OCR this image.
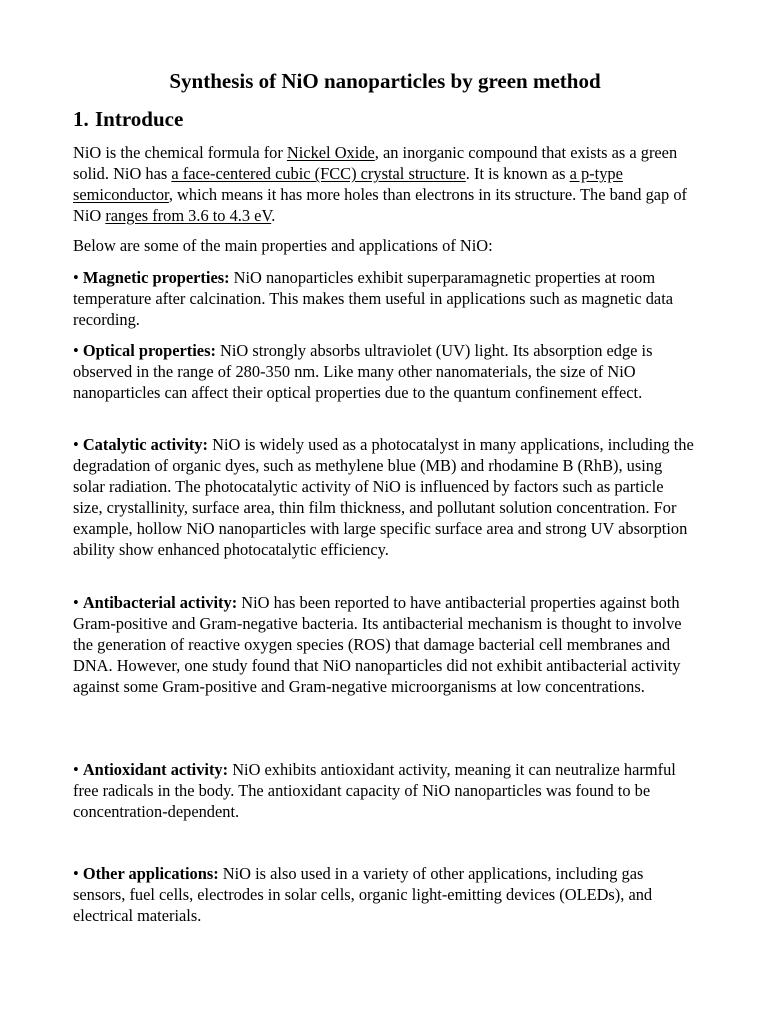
Synthesis of NiO nanoparticles by green method
1. Introduce

NiO is the chemical formula for Nickel Oxide, an inorganic compound that exists as a green solid. NiO has a face-centered cubic (FCC) crystal structure. It is known as a p-type semiconductor, which means it has more holes than electrons in its structure. The band gap of NiO ranges from 3.6 to 4.3 eV.

Below are some of the main properties and applications of NiO:

• Magnetic properties: NiO nanoparticles exhibit superparamagnetic properties at room temperature after calcination. This makes them useful in applications such as magnetic data recording.

• Optical properties: NiO strongly absorbs ultraviolet (UV) light. Its absorption edge is observed in the range of 280-350 nm. Like many other nanomaterials, the size of NiO nanoparticles can affect their optical properties due to the quantum confinement effect.

• Catalytic activity: NiO is widely used as a photocatalyst in many applications, including the degradation of organic dyes, such as methylene blue (MB) and rhodamine B (RhB), using solar radiation. The photocatalytic activity of NiO is influenced by factors such as particle size, crystallinity, surface area, thin film thickness, and pollutant solution concentration. For example, hollow NiO nanoparticles with large specific surface area and strong UV absorption ability show enhanced photocatalytic efficiency.

• Antibacterial activity: NiO has been reported to have antibacterial properties against both Gram-positive and Gram-negative bacteria. Its antibacterial mechanism is thought to involve the generation of reactive oxygen species (ROS) that damage bacterial cell membranes and DNA. However, one study found that NiO nanoparticles did not exhibit antibacterial activity against some Gram-positive and Gram-negative microorganisms at low concentrations.

• Antioxidant activity: NiO exhibits antioxidant activity, meaning it can neutralize harmful free radicals in the body. The antioxidant capacity of NiO nanoparticles was found to be concentration-dependent.

• Other applications: NiO is also used in a variety of other applications, including gas sensors, fuel cells, electrodes in solar cells, organic light-emitting devices (OLEDs), and electrical materials.
